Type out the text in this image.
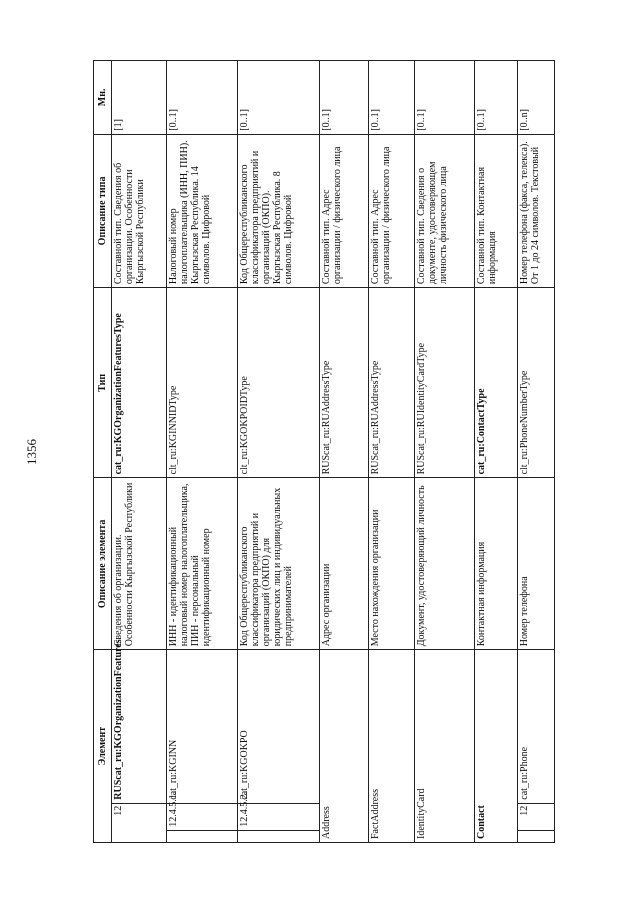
1356
Элемент			Описание элемента	Тип	Описание типа	Мн.
12		RUScat_ru:KGOrganizationFeatures	Сведения об организации. Особенности Кыргызской Республики	cat_ru:KGOrganizationFeaturesType	Составной тип. Сведения об организации. Особенности Кыргызской Республики	[1]
	12.4.5.1.	cat_ru:KGINN	ИНН - идентификационный налоговый номер налогоплательщика, ПИН - персональный идентификационный номер	clt_ru:KGINNIDType	Налоговый номер налогоплательщика (ИНН, ПИН). Кыргызская Республика. 14 символов. Цифровой	[0..1]
	12.4.5.2.	cat_ru:KGOKPO	Код Общереспубликанского классификатора предприятий и организаций (ОКПО) для юридических лиц и индивидуальных предпринимателей	clt_ru:KGOKPOIDType	Код Общереспубликанского классификатора предприятий и организаций (ОКПО). Кыргызская Республика. 8 символов. Цифровой	[0..1]
Address			Адрес организации	RUScat_ru:RUAddressType	Составной тип. Адрес организации / физического лица	[0..1]
FactAddress			Место нахождения организации	RUScat_ru:RUAddressType	Составной тип. Адрес организации / физического лица	[0..1]
IdentityCard			Документ, удостоверяющий личность	RUScat_ru:RUIdentityCardType	Составной тип. Сведения о документе, удостоверяющем личность физического лица	[0..1]
Contact			Контактная информация	cat_ru:ContactType	Составной тип. Контактная информация	[0..1]
	12	cat_ru:Phone	Номер телефона	clt_ru:PhoneNumberType	Номер телефона (факса, телекса). От 1 до 24 символов. Текстовый	[0..n]
